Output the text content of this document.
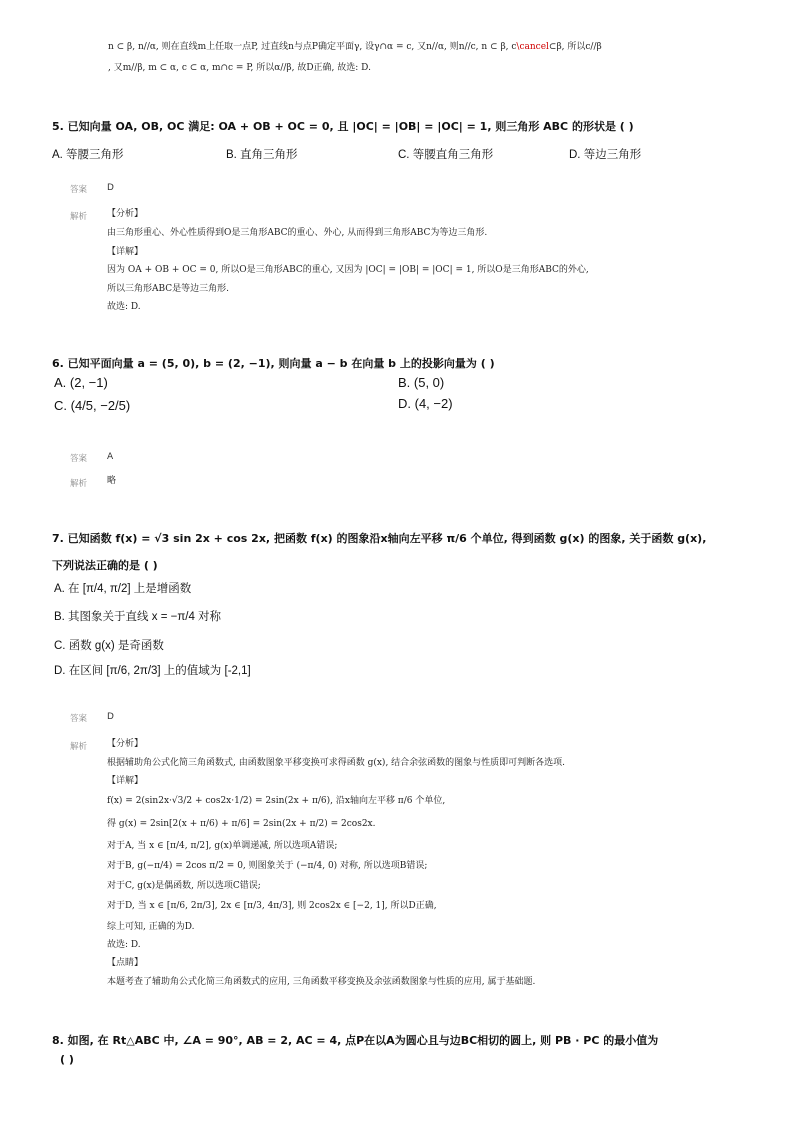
n ⊂ β, n//α, 则在直线m上任取一点P, 过直线n与点P确定平面γ, 设γ∩α = c, 又n//α, 则n//c, n ⊂ β, c\cancel⊂β, 所以c//β
, 又m//β, m ⊂ α, c ⊂ α, m∩c = P, 所以α//β, 故D正确, 故选: D.
5. 已知向量 OA, OB, OC 满足: OA + OB + OC = 0, 且 |OC| = |OB| = |OC| = 1, 则三角形 ABC 的形状是 ( )
A. 等腰三角形	B. 直角三角形	C. 等腰直角三角形	D. 等边三角形
答案 D
解析 【分析】
由三角形重心、外心性质得到O是三角形ABC的重心、外心, 从而得到三角形ABC为等边三角形.
【详解】
因为 OA + OB + OC = 0, 所以O是三角形ABC的重心, 又因为 |OC| = |OB| = |OC| = 1, 所以O是三角形ABC的外心,
所以三角形ABC是等边三角形.
故选: D.
6. 已知平面向量 a = (5, 0), b = (2, −1), 则向量 a − b 在向量 b 上的投影向量为 ( )
A. (2, −1)	B. (5, 0)
C. (4/5, −2/5)	D. (4, −2)
答案 A
解析 略
7. 已知函数 f(x) = √3 sin 2x + cos 2x, 把函数 f(x) 的图象沿x轴向左平移 π/6 个单位, 得到函数 g(x) 的图象, 关于函数 g(x),
下列说法正确的是 ( )
A. 在 [π/4, π/2] 上是增函数
B. 其图象关于直线 x = −π/4 对称
C. 函数 g(x) 是奇函数
D. 在区间 [π/6, 2π/3] 上的值域为 [-2,1]
答案 D
解析 【分析】
根据辅助角公式化简三角函数式, 由函数图象平移变换可求得函数 g(x), 结合余弦函数的图象与性质即可判断各选项.
【详解】
f(x) = 2(sin2x·√3/2 + cos2x·1/2) = 2sin(2x + π/6), 沿x轴向左平移 π/6 个单位,
得 g(x) = 2sin[2(x + π/6) + π/6] = 2sin(2x + π/2) = 2cos2x.
对于A, 当 x ∈ [π/4, π/2], g(x)单调递减, 所以选项A错误;
对于B, g(−π/4) = 2cos π/2 = 0, 则图象关于 (−π/4, 0) 对称, 所以选项B错误;
对于C, g(x)是偶函数, 所以选项C错误;
对于D, 当 x ∈ [π/6, 2π/3], 2x ∈ [π/3, 4π/3], 则 2cos2x ∈ [−2, 1], 所以D正确,
综上可知, 正确的为D.
故选: D.
【点睛】
本题考查了辅助角公式化简三角函数式的应用, 三角函数平移变换及余弦函数图象与性质的应用, 属于基础题.
8. 如图, 在 Rt△ABC 中, ∠A = 90°, AB = 2, AC = 4, 点P在以A为圆心且与边BC相切的圆上, 则 PB · PC 的最小值为
( )
